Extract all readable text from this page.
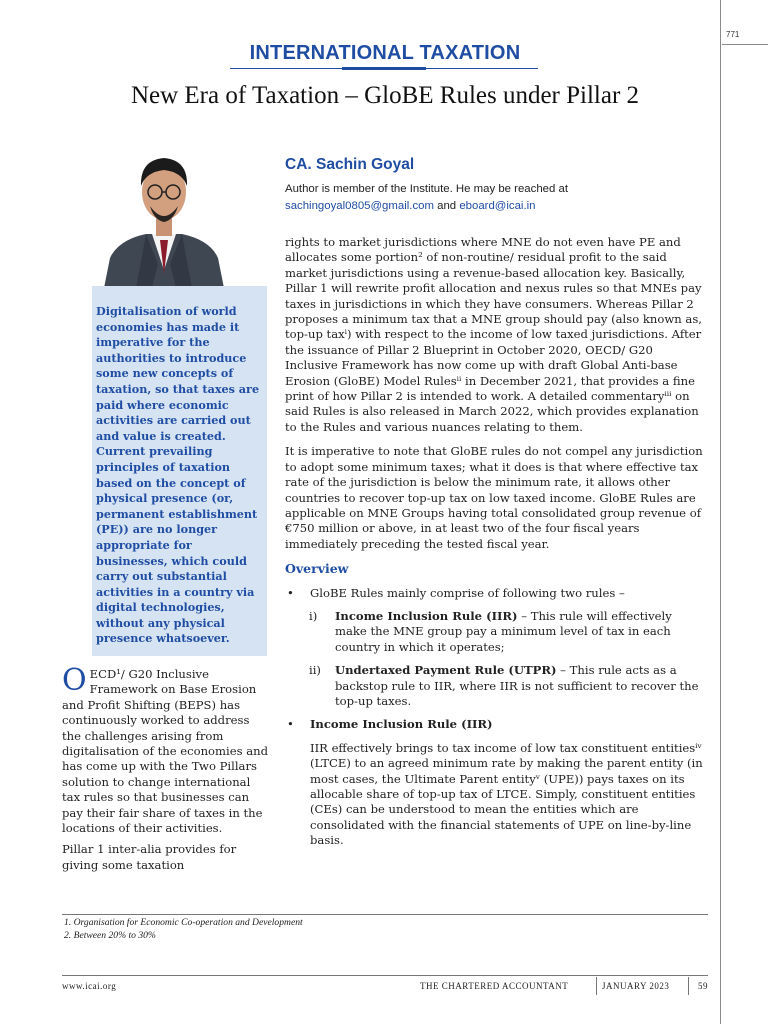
771
INTERNATIONAL TAXATION
New Era of Taxation – GloBE Rules under Pillar 2
Digitalisation of world economies has made it imperative for the authorities to introduce some new concepts of taxation, so that taxes are paid where economic activities are carried out and value is created. Current prevailing principles of taxation based on the concept of physical presence (or, permanent establishment (PE)) are no longer appropriate for businesses, which could carry out substantial activities in a country via digital technologies, without any physical presence whatsoever.
CA. Sachin Goyal
Author is member of the Institute. He may be reached at
sachingoyal0805@gmail.com and eboard@icai.in

OECD¹/ G20 Inclusive Framework on Base Erosion and Profit Shifting (BEPS) has continuously worked to address the challenges arising from digitalisation of the economies and has come up with the Two Pillars solution to change international tax rules so that businesses can pay their fair share of taxes in the locations of their activities.

Pillar 1 inter-alia provides for giving some taxation

rights to market jurisdictions where MNE do not even have PE and allocates some portion² of non-routine/ residual profit to the said market jurisdictions using a revenue-based allocation key. Basically, Pillar 1 will rewrite profit allocation and nexus rules so that MNEs pay taxes in jurisdictions in which they have consumers. Whereas Pillar 2 proposes a minimum tax that a MNE group should pay (also known as, top-up taxⁱ) with respect to the income of low taxed jurisdictions. After the issuance of Pillar 2 Blueprint in October 2020, OECD/ G20 Inclusive Framework has now come up with draft Global Anti-base Erosion (GloBE) Model Rulesⁱⁱ in December 2021, that provides a fine print of how Pillar 2 is intended to work. A detailed commentaryⁱⁱⁱ on said Rules is also released in March 2022, which provides explanation to the Rules and various nuances relating to them.

It is imperative to note that GloBE rules do not compel any jurisdiction to adopt some minimum taxes; what it does is that where effective tax rate of the jurisdiction is below the minimum rate, it allows other countries to recover top-up tax on low taxed income. GloBE Rules are applicable on MNE Groups having total consolidated group revenue of €750 million or above, in at least two of the four fiscal years immediately preceding the tested fiscal year.

Overview
• GloBE Rules mainly comprise of following two rules –
i) Income Inclusion Rule (IIR) – This rule will effectively make the MNE group pay a minimum level of tax in each country in which it operates;
ii) Undertaxed Payment Rule (UTPR) – This rule acts as a backstop rule to IIR, where IIR is not sufficient to recover the top-up taxes.
• Income Inclusion Rule (IIR)

IIR effectively brings to tax income of low tax constituent entitiesⁱᵛ (LTCE) to an agreed minimum rate by making the parent entity (in most cases, the Ultimate Parent entityᵛ (UPE)) pays taxes on its allocable share of top-up tax of LTCE. Simply, constituent entities (CEs) can be understood to mean the entities which are consolidated with the financial statements of UPE on line-by-line basis.

1. Organisation for Economic Co-operation and Development
2. Between 20% to 30%
www.icai.org	THE CHARTERED ACCOUNTANT	JANUARY 2023	59
